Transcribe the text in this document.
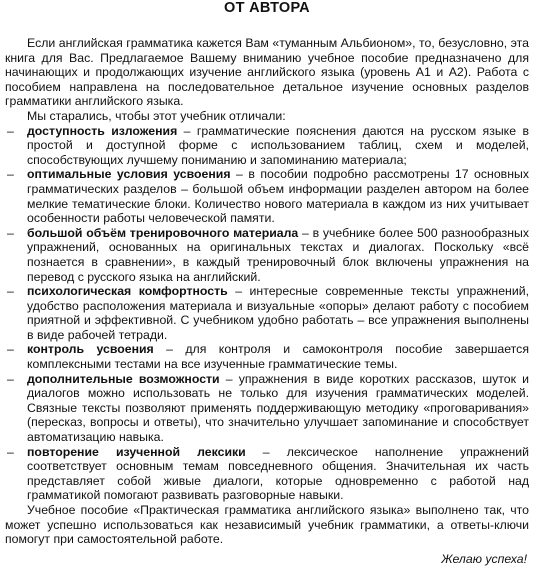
ОТ АВТОРА

Если английская грамматика кажется Вам «туманным Альбионом», то, безусловно, эта книга для Вас. Предлагаемое Вашему вниманию учебное пособие предназначено для начинающих и продолжающих изучение английского языка (уровень А1 и А2). Работа с пособием направлена на последовательное детальное изучение основных разделов грамматики английского языка.

Мы старались, чтобы этот учебник отличали:

– доступность изложения – грамматические пояснения даются на русском языке в простой и доступной форме с использованием таблиц, схем и моделей, способствующих лучшему пониманию и запоминанию материала;
– оптимальные условия усвоения – в пособии подробно рассмотрены 17 основных грамматических разделов – большой объем информации разделен автором на более мелкие тематические блоки. Количество нового материала в каждом из них учитывает особенности работы человеческой памяти.
– большой объём тренировочного материала – в учебнике более 500 разнообразных упражнений, основанных на оригинальных текстах и диалогах. Поскольку «всё познается в сравнении», в каждый тренировочный блок включены упражнения на перевод с русского языка на английский.
– психологическая комфортность – интересные современные тексты упражнений, удобство расположения материала и визуальные «опоры» делают работу с пособием приятной и эффективной. С учебником удобно работать – все упражнения выполнены в виде рабочей тетради.
– контроль усвоения – для контроля и самоконтроля пособие завершается комплексными тестами на все изученные грамматические темы.
– дополнительные возможности – упражнения в виде коротких рассказов, шуток и диалогов можно использовать не только для изучения грамматических моделей. Связные тексты позволяют применять поддерживающую методику «проговаривания» (пересказ, вопросы и ответы), что значительно улучшает запоминание и способствует автоматизацию навыка.
– повторение изученной лексики – лексическое наполнение упражнений соответствует основным темам повседневного общения. Значительная их часть представляет собой живые диалоги, которые одновременно с работой над грамматикой помогают развивать разговорные навыки.

Учебное пособие «Практическая грамматика английского языка» выполнено так, что может успешно использоваться как независимый учебник грамматики, а ответы-ключи помогут при самостоятельной работе.

Желаю успеха!
